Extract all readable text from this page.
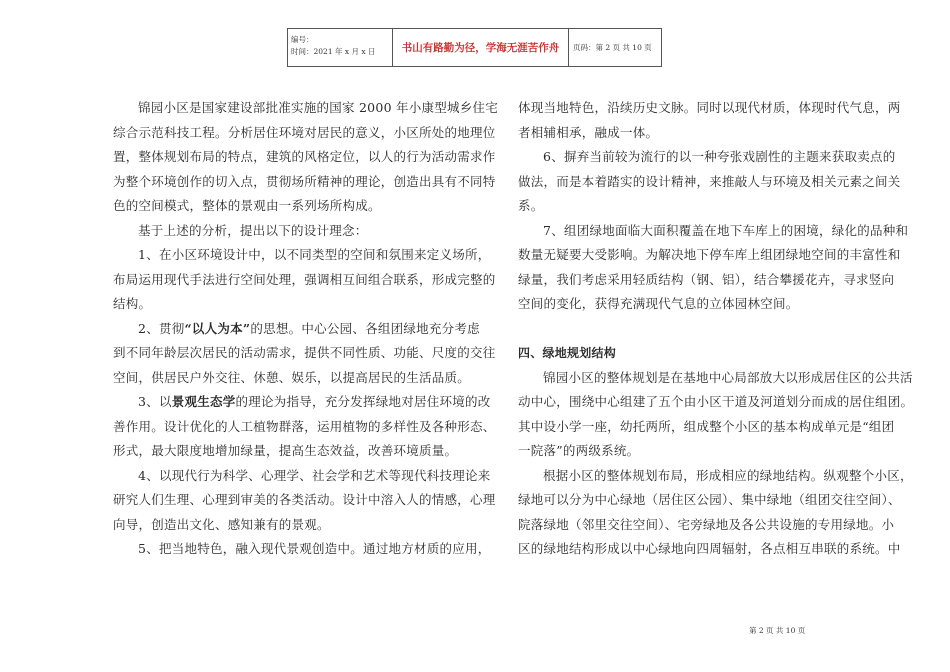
编号：
时间：2021 年 x 月 x 日	书山有路勤为径，学海无涯苦作舟	页码：第 2 页 共 10 页

锦园小区是国家建设部批准实施的国家 2000 年小康型城乡住宅

综合示范科技工程。分析居住环境对居民的意义，小区所处的地理位

置，整体规划布局的特点，建筑的风格定位，以人的行为活动需求作

为整个环境创作的切入点，贯彻场所精神的理论，创造出具有不同特

色的空间模式，整体的景观由一系列场所构成。

基于上述的分析，提出以下的设计理念：

1、在小区环境设计中，以不同类型的空间和氛围来定义场所，

布局运用现代手法进行空间处理，强调相互间组合联系，形成完整的

结构。

2、贯彻“以人为本”的思想。中心公园、各组团绿地充分考虑

到不同年龄层次居民的活动需求，提供不同性质、功能、尺度的交往

空间，供居民户外交往、休憩、娱乐，以提高居民的生活品质。

3、以景观生态学的理论为指导，充分发挥绿地对居住环境的改

善作用。设计优化的人工植物群落，运用植物的多样性及各种形态、

形式，最大限度地增加绿量，提高生态效益，改善环境质量。

4、以现代行为科学、心理学、社会学和艺术等现代科技理论来

研究人们生理、心理到审美的各类活动。设计中溶入人的情感，心理

向导，创造出文化、感知兼有的景观。

5、把当地特色，融入现代景观创造中。通过地方材质的应用，

体现当地特色，沿续历史文脉。同时以现代材质，体现时代气息，两

者相辅相承，融成一体。

6、摒弃当前较为流行的以一种夸张戏剧性的主题来获取卖点的

做法，而是本着踏实的设计精神，来推敲人与环境及相关元素之间关

系。

7、组团绿地面临大面积覆盖在地下车库上的困境，绿化的品种和

数量无疑要大受影响。为解决地下停车库上组团绿地空间的丰富性和

绿量，我们考虑采用轻质结构（钢、铝），结合攀援花卉，寻求竖向

空间的变化，获得充满现代气息的立体园林空间。

四、绿地规划结构

锦园小区的整体规划是在基地中心局部放大以形成居住区的公共活

动中心，围绕中心组建了五个由小区干道及河道划分而成的居住组团。

其中设小学一座，幼托两所，组成整个小区的基本构成单元是“组团

一院落”的两级系统。

根据小区的整体规划布局，形成相应的绿地结构。纵观整个小区，

绿地可以分为中心绿地（居住区公园）、集中绿地（组团交往空间）、

院落绿地（邻里交往空间）、宅旁绿地及各公共设施的专用绿地。小

区的绿地结构形成以中心绿地向四周辐射，各点相互串联的系统。中

第 2 页 共 10 页
